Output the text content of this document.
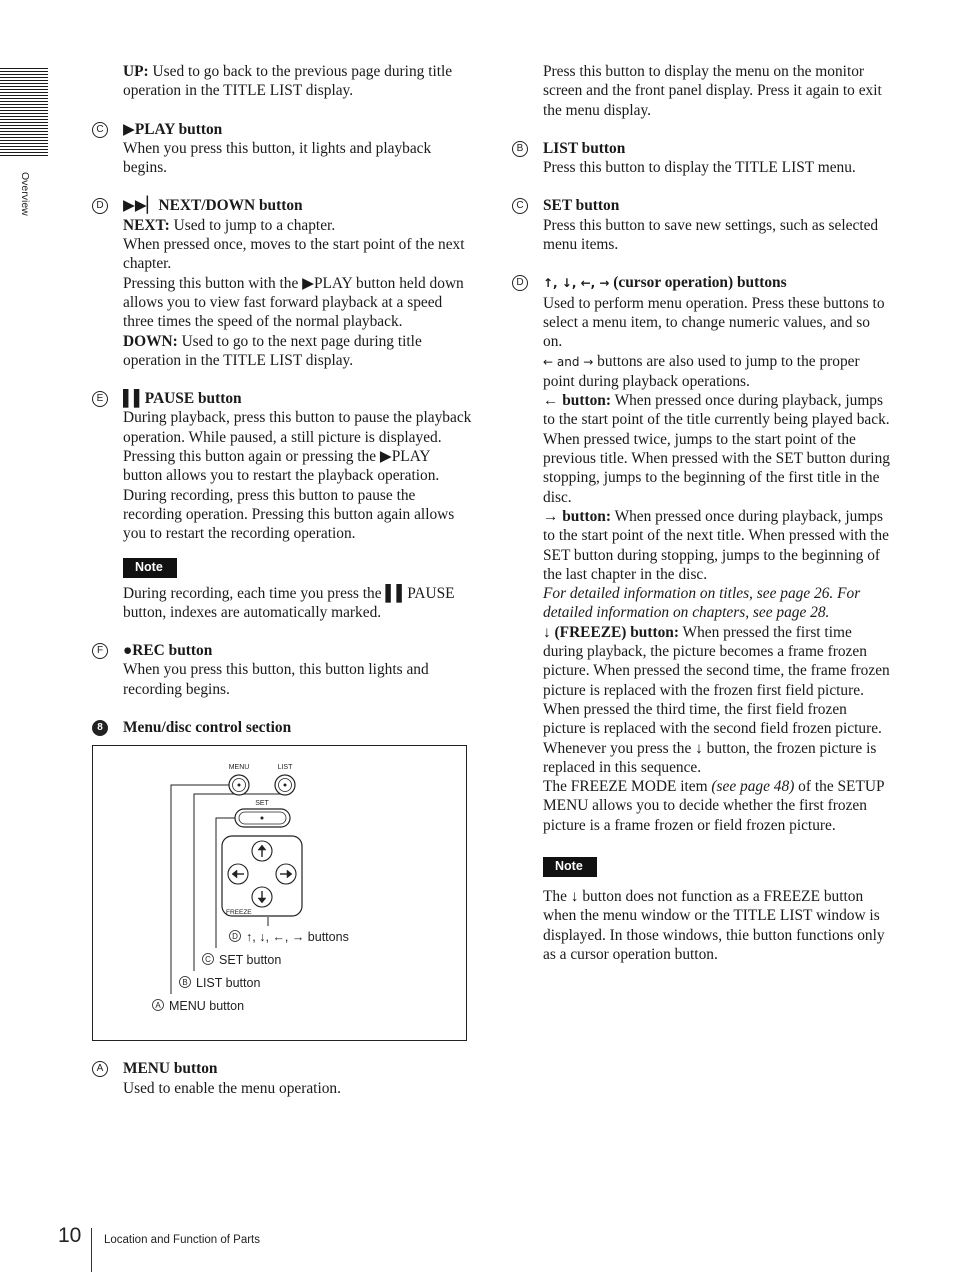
Overview
UP: Used to go back to the previous page during title operation in the TITLE LIST display.
C ▶PLAY button

When you press this button, it lights and playback begins.

D ▶▶▏NEXT/DOWN button

NEXT: Used to jump to a chapter.

When pressed once, moves to the start point of the next chapter.

Pressing this button with the ▶PLAY button held down allows you to view fast forward playback at a speed three times the speed of the normal playback.

DOWN: Used to go to the next page during title operation in the TITLE LIST display.

E	▌▌PAUSE button

During playback, press this button to pause the playback operation. While paused, a still picture is displayed.

Pressing this button again or pressing the ▶PLAY button allows you to restart the playback operation.

During recording, press this button to pause the recording operation. Pressing this button again allows you to restart the recording operation.

Note

During recording, each time you press the ▌▌PAUSE button, indexes are automatically marked.

F	●REC button

When you press this button, this button lights and recording begins.

8	Menu/disc control section
MENU	LIST
SET
FREEZE
D ↑, ↓, ←, → buttons
C SET button
B LIST button
A MENU button
A	MENU button

Used to enable the menu operation.

Press this button to display the menu on the monitor screen and the front panel display. Press it again to exit the menu display.
B	LIST button

Press this button to display the TITLE LIST menu.

C SET button

Press this button to save new settings, such as selected menu items.

D	↑, ↓, ←, → (cursor operation) buttons

Used to perform menu operation. Press these buttons to select a menu item, to change numeric values, and so on.

← and → buttons are also used to jump to the proper point during playback operations.

← button: When pressed once during playback, jumps to the start point of the title currently being played back. When pressed twice, jumps to the start point of the previous title. When pressed with the SET button during stopping, jumps to the beginning of the first title in the disc.

→ button: When pressed once during playback, jumps to the start point of the next title. When pressed with the SET button during stopping, jumps to the beginning of the last chapter in the disc.

For detailed information on titles, see page 26. For detailed information on chapters, see page 28.

↓ (FREEZE) button: When pressed the first time during playback, the picture becomes a frame frozen picture. When pressed the second time, the frame frozen picture is replaced with the frozen first field picture. When pressed the third time, the first field frozen picture is replaced with the second field frozen picture. Whenever you press the ↓ button, the frozen picture is replaced in this sequence.

The FREEZE MODE item (see page 48) of the SETUP MENU allows you to decide whether the first frozen picture is a frame frozen or field frozen picture.

Note

The ↓ button does not function as a FREEZE button when the menu window or the TITLE LIST window is displayed. In those windows, thie button functions only as a cursor operation button.

10 Location and Function of Parts
